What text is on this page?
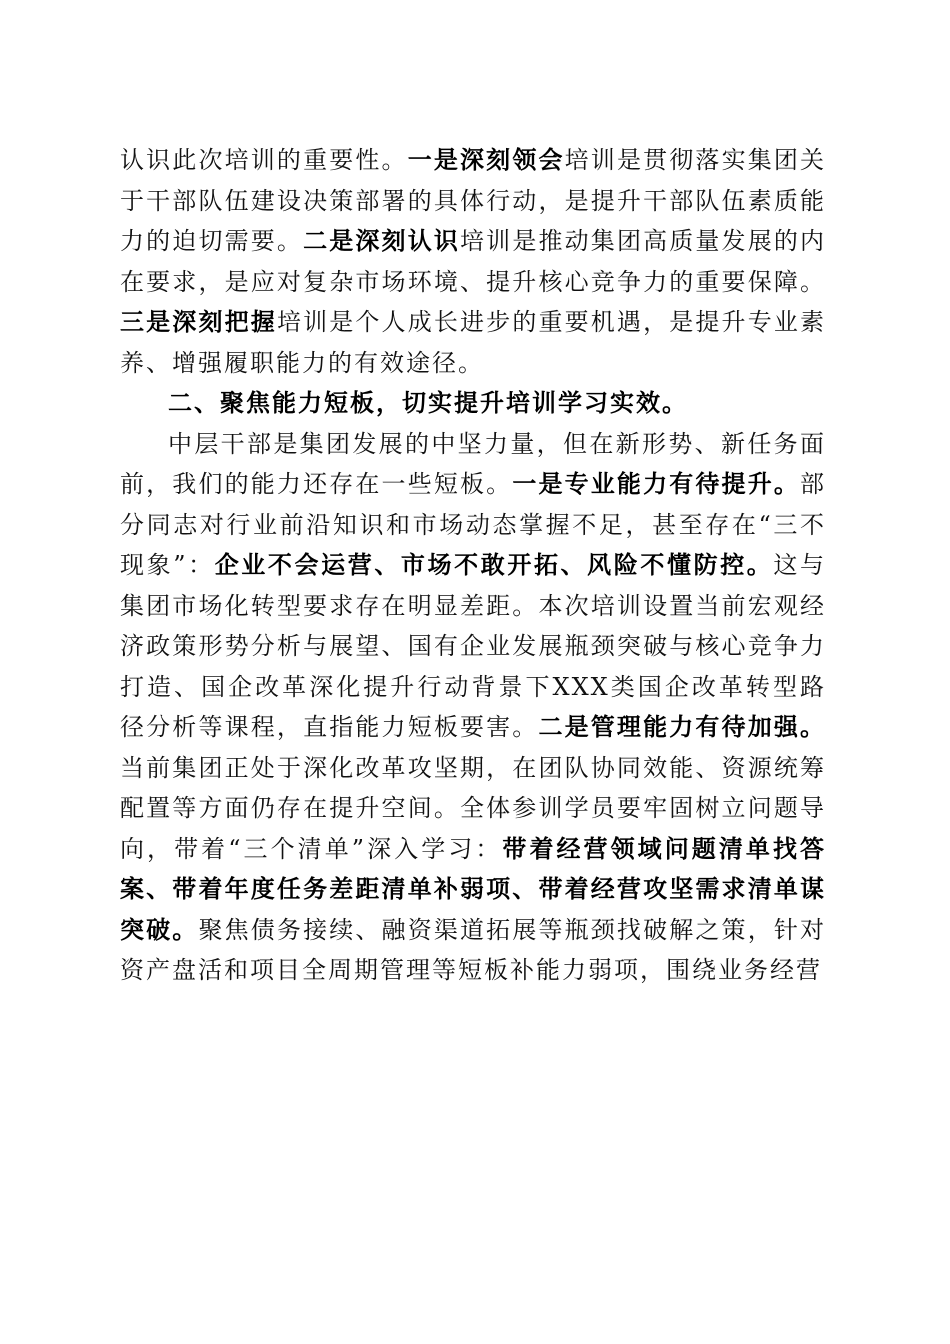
认识此次培训的重要性。一是深刻领会培训是贯彻落实集团关于干部队伍建设决策部署的具体行动，是提升干部队伍素质能力的迫切需要。二是深刻认识培训是推动集团高质量发展的内在要求，是应对复杂市场环境、提升核心竞争力的重要保障。三是深刻把握培训是个人成长进步的重要机遇，是提升专业素养、增强履职能力的有效途径。

二、聚焦能力短板，切实提升培训学习实效。

中层干部是集团发展的中坚力量，但在新形势、新任务面前，我们的能力还存在一些短板。一是专业能力有待提升。部分同志对行业前沿知识和市场动态掌握不足，甚至存在“三不现象”：企业不会运营、市场不敢开拓、风险不懂防控。这与集团市场化转型要求存在明显差距。本次培训设置当前宏观经济政策形势分析与展望、国有企业发展瓶颈突破与核心竞争力打造、国企改革深化提升行动背景下XXX类国企改革转型路径分析等课程，直指能力短板要害。二是管理能力有待加强。当前集团正处于深化改革攻坚期，在团队协同效能、资源统筹配置等方面仍存在提升空间。全体参训学员要牢固树立问题导向，带着“三个清单”深入学习：带着经营领域问题清单找答案、带着年度任务差距清单补弱项、带着经营攻坚需求清单谋突破。聚焦债务接续、融资渠道拓展等瓶颈找破解之策，针对资产盘活和项目全周期管理等短板补能力弱项，围绕业务经营
